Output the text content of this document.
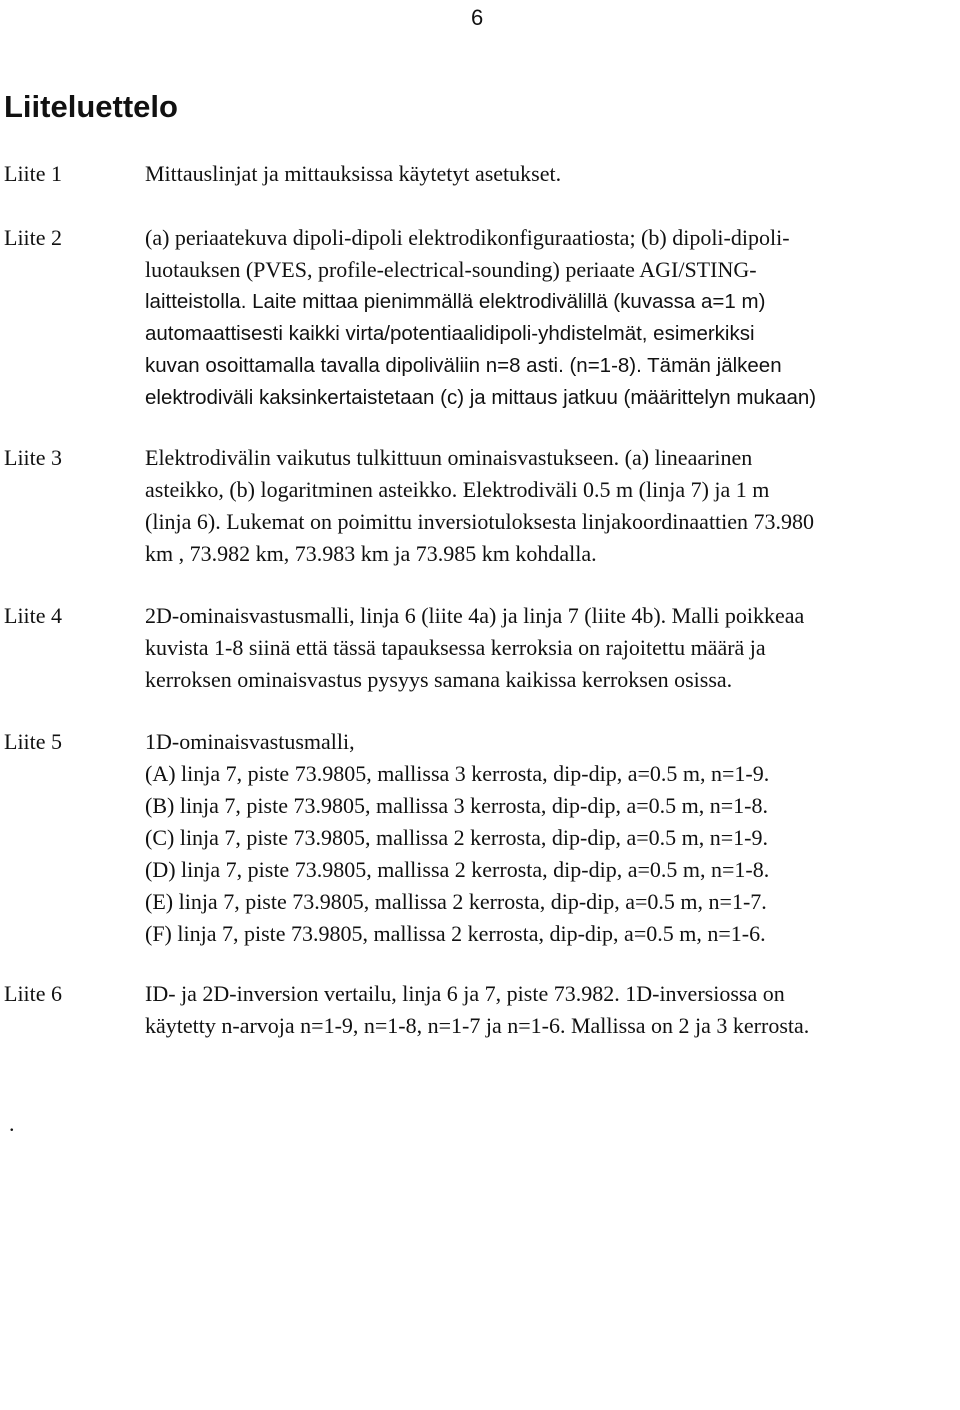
6
Liiteluettelo
Liite 1	Mittauslinjat ja mittauksissa käytetyt asetukset.
Liite 2	(a) periaatekuva dipoli-dipoli elektrodikonfiguraatiosta; (b) dipoli-dipoli-
luotauksen (PVES, profile-electrical-sounding) periaate AGI/STING-
laitteistolla. Laite mittaa pienimmällä elektrodivälillä (kuvassa a=1 m)
automaattisesti kaikki virta/potentiaalidipoli-yhdistelmät, esimerkiksi
kuvan osoittamalla tavalla dipoliväliin n=8 asti. (n=1-8). Tämän jälkeen
elektrodiväli kaksinkertaistetaan (c) ja mittaus jatkuu (määrittelyn mukaan)
Liite 3	Elektrodivälin vaikutus tulkittuun ominaisvastukseen. (a) lineaarinen
asteikko, (b) logaritminen asteikko. Elektrodiväli 0.5 m (linja 7) ja 1 m
(linja 6). Lukemat on poimittu inversiotuloksesta linjakoordinaattien 73.980
km , 73.982 km, 73.983 km ja 73.985 km kohdalla.
Liite 4	2D-ominaisvastusmalli, linja 6 (liite 4a) ja linja 7 (liite 4b). Malli poikkeaa
kuvista 1-8 siinä että tässä tapauksessa kerroksia on rajoitettu määrä ja
kerroksen ominaisvastus pysyys samana kaikissa kerroksen osissa.
Liite 5	1D-ominaisvastusmalli,
(A) linja 7, piste 73.9805, mallissa 3 kerrosta, dip-dip, a=0.5 m, n=1-9.
(B) linja 7, piste 73.9805, mallissa 3 kerrosta, dip-dip, a=0.5 m, n=1-8.
(C) linja 7, piste 73.9805, mallissa 2 kerrosta, dip-dip, a=0.5 m, n=1-9.
(D) linja 7, piste 73.9805, mallissa 2 kerrosta, dip-dip, a=0.5 m, n=1-8.
(E) linja 7, piste 73.9805, mallissa 2 kerrosta, dip-dip, a=0.5 m, n=1-7.
(F) linja 7, piste 73.9805, mallissa 2 kerrosta, dip-dip, a=0.5 m, n=1-6.
Liite 6	ID- ja 2D-inversion vertailu, linja 6 ja 7, piste 73.982. 1D-inversiossa on
käytetty n-arvoja n=1-9, n=1-8, n=1-7 ja n=1-6. Mallissa on 2 ja 3 kerrosta.
.
